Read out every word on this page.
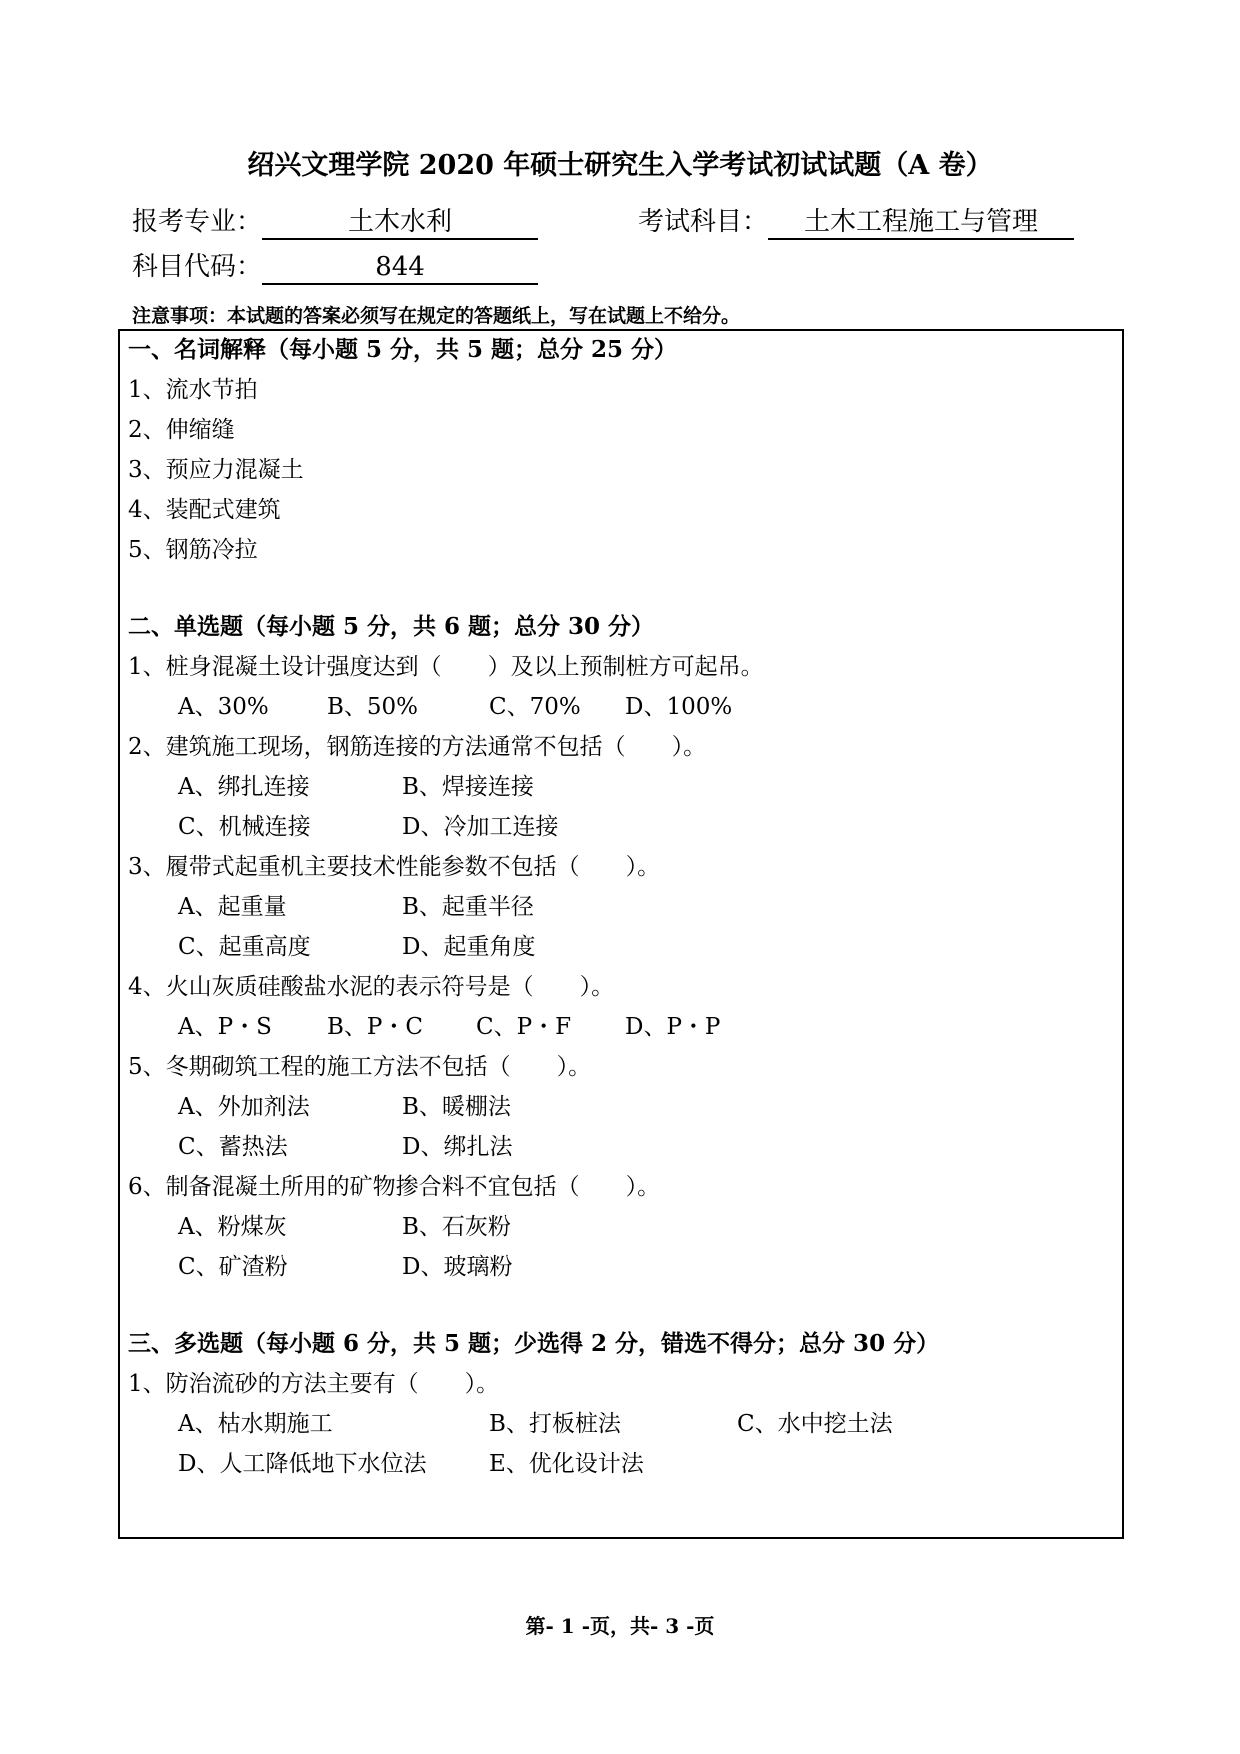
绍兴文理学院 2020 年硕士研究生入学考试初试试题（A 卷）
报考专业：	土木水利	考试科目： 土木工程施工与管理
科目代码：	844
注意事项：本试题的答案必须写在规定的答题纸上，写在试题上不给分。
一、名词解释（每小题 5 分，共 5 题；总分 25 分）
1、流水节拍
2、伸缩缝
3、预应力混凝土
4、装配式建筑
5、钢筋冷拉
二、单选题（每小题 5 分，共 6 题；总分 30 分）
1、桩身混凝土设计强度达到（　　）及以上预制桩方可起吊。
A、30%	B、50%	C、70% D、100%
2、建筑施工现场，钢筋连接的方法通常不包括（　　）。
A、绑扎连接	B、焊接连接
C、机械连接	D、冷加工连接
3、履带式起重机主要技术性能参数不包括（　　）。
A、起重量	B、起重半径
C、起重高度	D、起重角度
4、火山灰质硅酸盐水泥的表示符号是（　　）。
A、P・S B、P・C C、P・F D、P・P
5、冬期砌筑工程的施工方法不包括（　　）。
A、外加剂法	B、暖棚法
C、蓄热法	D、绑扎法
6、制备混凝土所用的矿物掺合料不宜包括（　　）。
A、粉煤灰	B、石灰粉
C、矿渣粉	D、玻璃粉
三、多选题（每小题 6 分，共 5 题；少选得 2 分，错选不得分；总分 30 分）
1、防治流砂的方法主要有（　　）。
A、枯水期施工	B、打板桩法	C、水中挖土法
D、人工降低地下水位法	E、优化设计法
第- 1 -页，共- 3 -页
